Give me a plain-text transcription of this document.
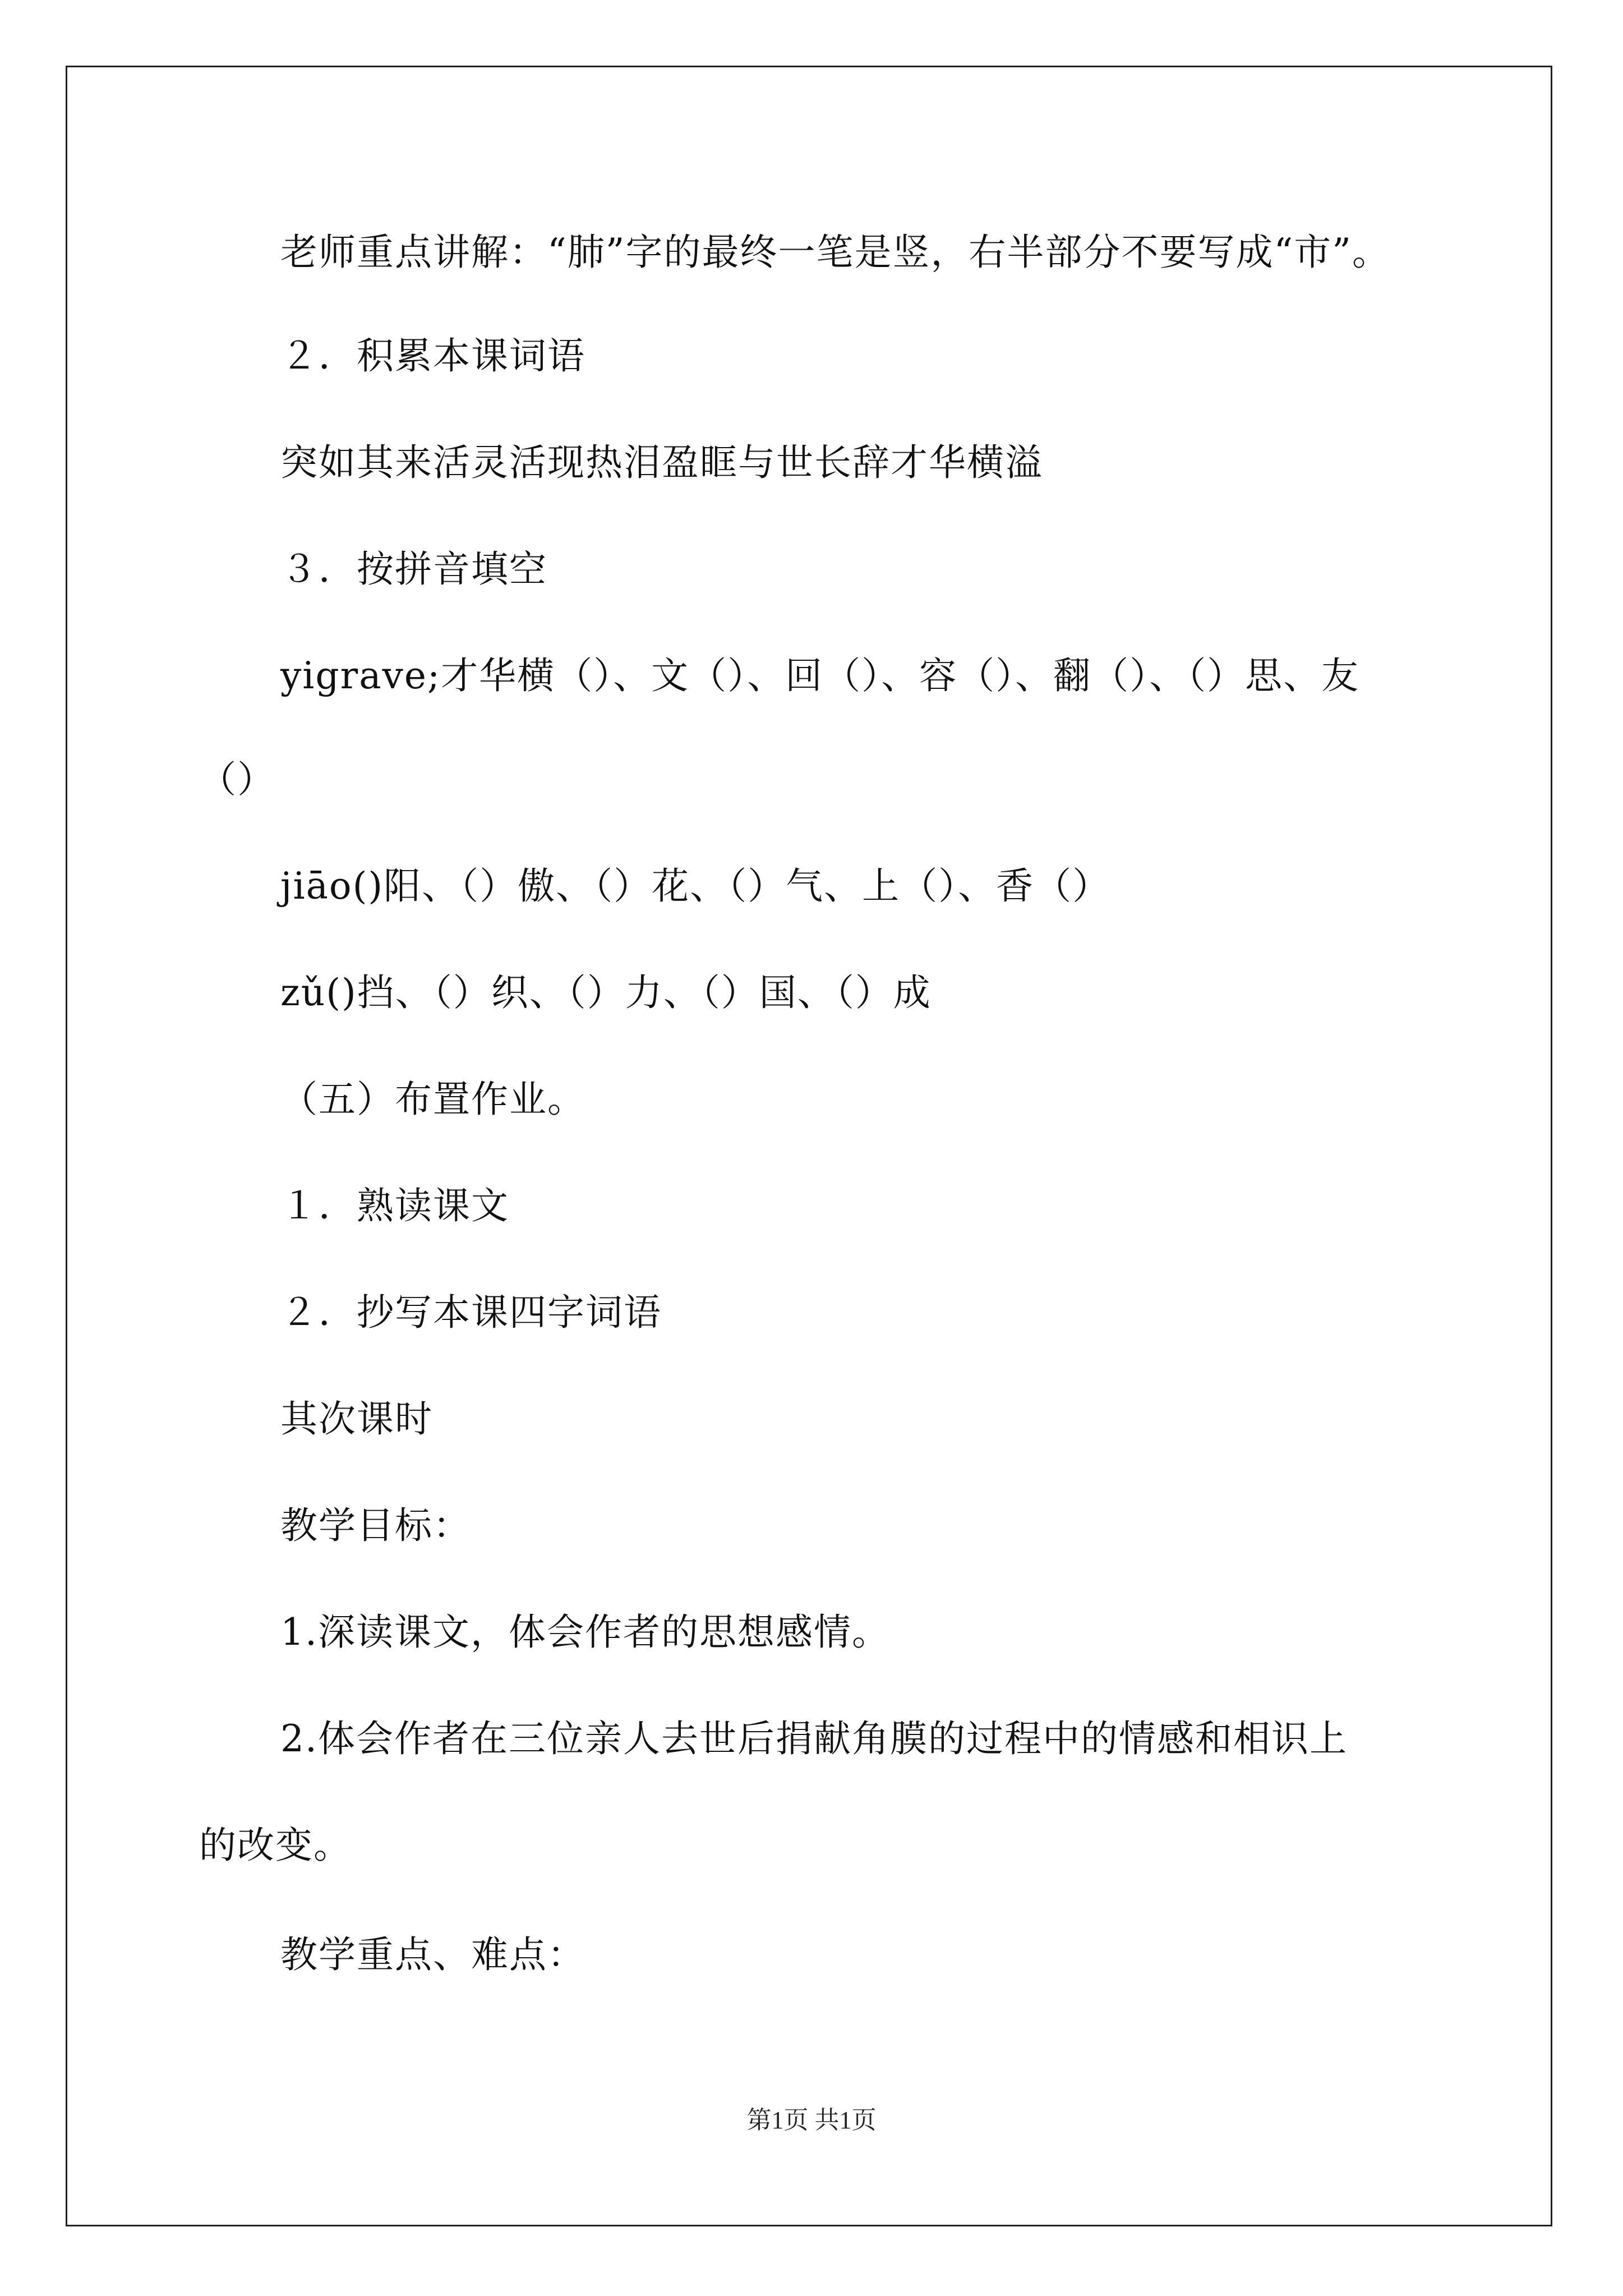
老师重点讲解：“肺”字的最终一笔是竖，右半部分不要写成“市”。
２．积累本课词语
突如其来活灵活现热泪盈眶与世长辞才华横溢
３．按拼音填空
yigrave;才华横（）、文（）、回（）、容（）、翻（）、（）思、友
（）
jiāo()阳、（）傲、（）花、（）气、上（）、香（）
zǔ()挡、（）织、（）力、（）国、（）成
（五）布置作业。
１．熟读课文
２．抄写本课四字词语
其次课时
教学目标：
1.深读课文，体会作者的思想感情。
2.体会作者在三位亲人去世后捐献角膜的过程中的情感和相识上
的改变。
教学重点、难点：
第1页 共1页
